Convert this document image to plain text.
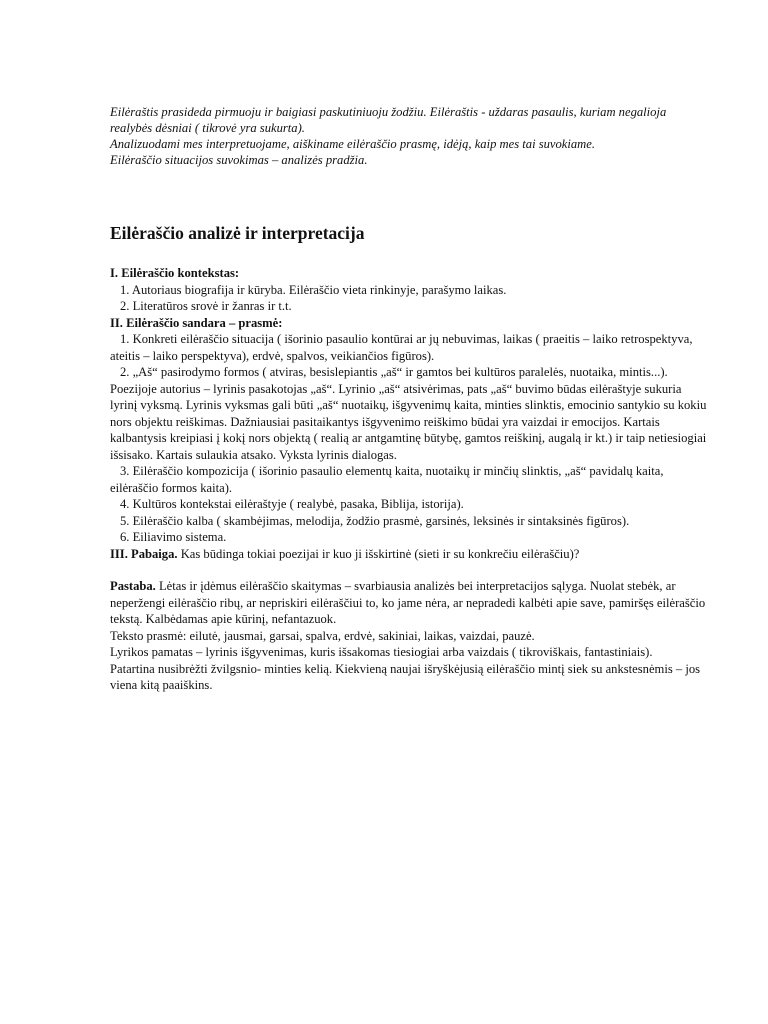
Eilėraštis prasideda pirmuoju ir baigiasi paskutiniuoju žodžiu. Eilėraštis - uždaras pasaulis, kuriam negalioja realybės dėsniai ( tikrovė yra sukurta).

Analizuodami mes interpretuojame, aiškiname eilėraščio prasmę, idėją, kaip mes tai suvokiame.

Eilėraščio situacijos suvokimas – analizės pradžia.

Eilėraščio analizė ir interpretacija

I. Eilėraščio kontekstas:

1. Autoriaus biografija ir kūryba. Eilėraščio vieta rinkinyje, parašymo laikas.

2. Literatūros srovė ir žanras ir t.t.

II. Eilėraščio sandara – prasmė:

1. Konkreti eilėraščio situacija ( išorinio pasaulio kontūrai ar jų nebuvimas, laikas ( praeitis – laiko retrospektyva, ateitis – laiko perspektyva), erdvė, spalvos, veikiančios figūros).

2. „Aš“ pasirodymo formos ( atviras, besislepiantis „aš“ ir gamtos bei kultūros paralelės, nuotaika, mintis...). Poezijoje autorius – lyrinis pasakotojas „aš“. Lyrinio „aš“ atsivėrimas, pats „aš“ buvimo būdas eilėraštyje sukuria lyrinį vyksmą. Lyrinis vyksmas gali būti „aš“ nuotaikų, išgyvenimų kaita, minties slinktis, emocinio santykio su kokiu nors objektu reiškimas. Dažniausiai pasitaikantys išgyvenimo reiškimo būdai yra vaizdai ir emocijos. Kartais kalbantysis kreipiasi į kokį nors objektą ( realią ar antgamtinę būtybę, gamtos reiškinį, augalą ir kt.) ir taip netiesiogiai išsisako. Kartais sulaukia atsako. Vyksta lyrinis dialogas.

3. Eilėraščio kompozicija ( išorinio pasaulio elementų kaita, nuotaikų ir minčių slinktis, „aš“ pavidalų kaita, eilėraščio formos kaita).

4. Kultūros kontekstai eilėraštyje ( realybė, pasaka, Biblija, istorija).

5. Eilėraščio kalba ( skambėjimas, melodija, žodžio prasmė, garsinės, leksinės ir sintaksinės figūros).

6. Eiliavimo sistema.

III. Pabaiga. Kas būdinga tokiai poezijai ir kuo ji išskirtinė (sieti ir su konkrečiu eilėraščiu)?

Pastaba. Lėtas ir įdėmus eilėraščio skaitymas – svarbiausia analizės bei interpretacijos sąlyga. Nuolat stebėk, ar neperžengi eilėraščio ribų, ar nepriskiri eilėraščiui to, ko jame nėra, ar nepradedi kalbėti apie save, pamiršęs eilėraščio tekstą. Kalbėdamas apie kūrinį, nefantazuok.

Teksto prasmė: eilutė, jausmai, garsai, spalva, erdvė, sakiniai, laikas, vaizdai, pauzė.

Lyrikos pamatas – lyrinis išgyvenimas, kuris išsakomas tiesiogiai arba vaizdais ( tikroviškais, fantastiniais).

Patartina nusibrėžti žvilgsnio- minties kelią. Kiekvieną naujai išryškėjusią eilėraščio mintį siek su ankstesnėmis – jos viena kitą paaiškins.
